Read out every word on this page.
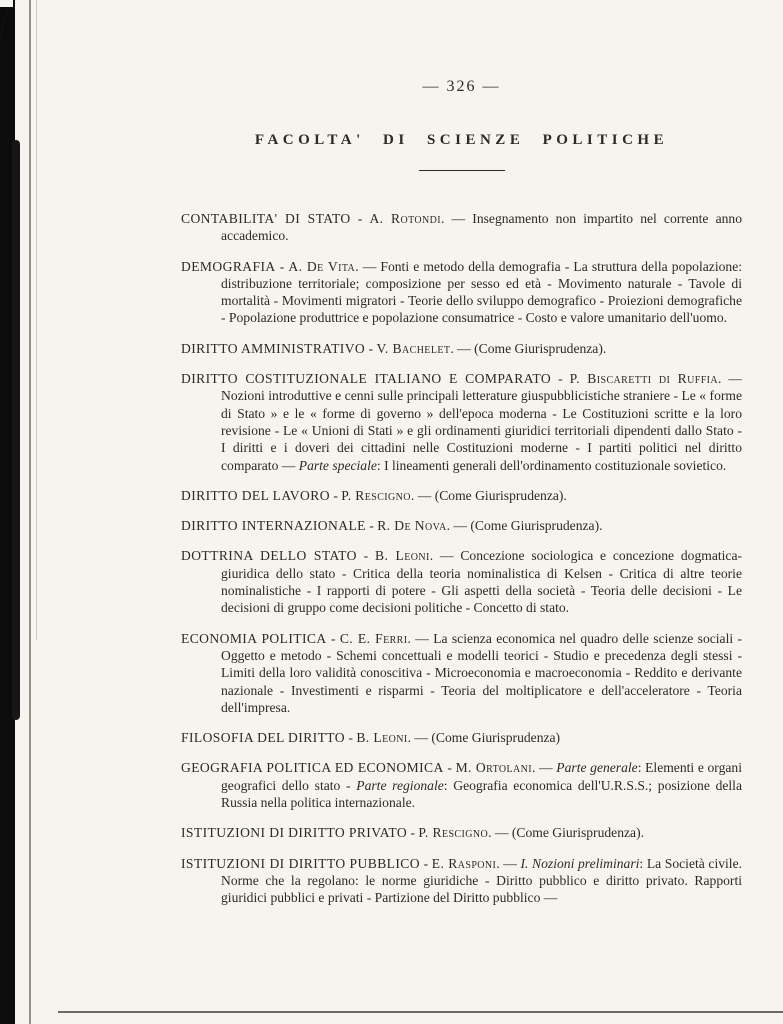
— 326 —
FACOLTA' DI SCIENZE POLITICHE

CONTABILITA' DI STATO - A. Rotondi. — Insegnamento non impartito nel corrente anno accademico.

DEMOGRAFIA - A. De Vita. — Fonti e metodo della demografia - La struttura della popolazione: distribuzione territoriale; composizione per sesso ed età - Movimento naturale - Tavole di mortalità - Movimenti migratori - Teorie dello sviluppo demografico - Proiezioni demografiche - Popolazione produttrice e popolazione consumatrice - Costo e valore umanitario dell'uomo.

DIRITTO AMMINISTRATIVO - V. Bachelet. — (Come Giurisprudenza).

DIRITTO COSTITUZIONALE ITALIANO E COMPARATO - P. Biscaretti di Ruffia. — Nozioni introduttive e cenni sulle principali letterature giuspubblicistiche straniere - Le « forme di Stato » e le « forme di governo » dell'epoca moderna - Le Costituzioni scritte e la loro revisione - Le « Unioni di Stati » e gli ordinamenti giuridici territoriali dipendenti dallo Stato - I diritti e i doveri dei cittadini nelle Costituzioni moderne - I partiti politici nel diritto comparato — Parte speciale: I lineamenti generali dell'ordinamento costituzionale sovietico.

DIRITTO DEL LAVORO - P. Rescigno. — (Come Giurisprudenza).

DIRITTO INTERNAZIONALE - R. De Nova. — (Come Giurisprudenza).

DOTTRINA DELLO STATO - B. Leoni. — Concezione sociologica e concezione dogmatica-giuridica dello stato - Critica della teoria nominalistica di Kelsen - Critica di altre teorie nominalistiche - I rapporti di potere - Gli aspetti della società - Teoria delle decisioni - Le decisioni di gruppo come decisioni politiche - Concetto di stato.

ECONOMIA POLITICA - C. E. Ferri. — La scienza economica nel quadro delle scienze sociali - Oggetto e metodo - Schemi concettuali e modelli teorici - Studio e precedenza degli stessi - Limiti della loro validità conoscitiva - Microeconomia e macroeconomia - Reddito e derivante nazionale - Investimenti e risparmi - Teoria del moltiplicatore e dell'acceleratore - Teoria dell'impresa.

FILOSOFIA DEL DIRITTO - B. Leoni. — (Come Giurisprudenza)

GEOGRAFIA POLITICA ED ECONOMICA - M. Ortolani. — Parte generale: Elementi e organi geografici dello stato - Parte regionale: Geografia economica dell'U.R.S.S.; posizione della Russia nella politica internazionale.

ISTITUZIONI DI DIRITTO PRIVATO - P. Rescigno. — (Come Giurisprudenza).

ISTITUZIONI DI DIRITTO PUBBLICO - E. Rasponi. — I. Nozioni preliminari: La Società civile. Norme che la regolano: le norme giuridiche - Diritto pubblico e diritto privato. Rapporti giuridici pubblici e privati - Partizione del Diritto pubblico —
